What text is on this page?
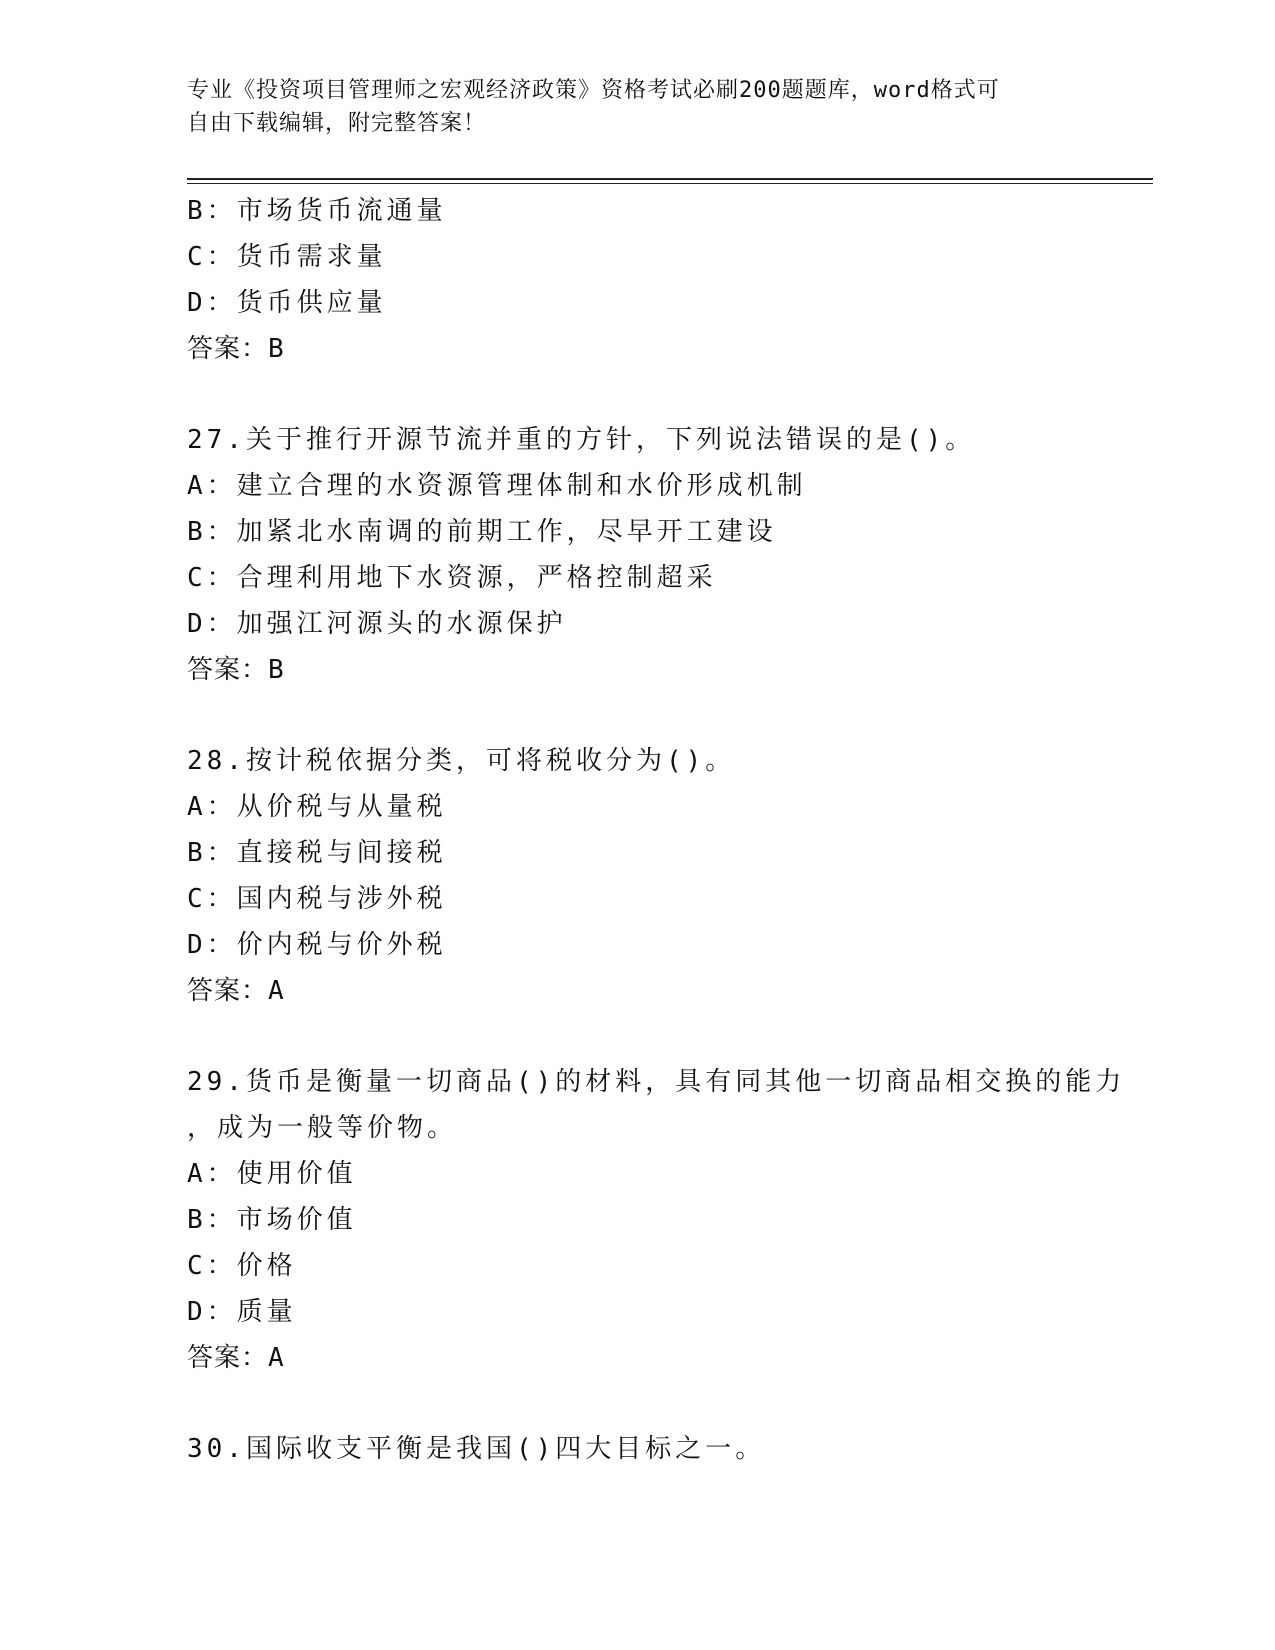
专业《投资项目管理师之宏观经济政策》资格考试必刷200题题库，word格式可
自由下载编辑，附完整答案！
B：市场货币流通量
C：货币需求量
D：货币供应量
答案：B
27.关于推行开源节流并重的方针，下列说法错误的是()。
A：建立合理的水资源管理体制和水价形成机制
B：加紧北水南调的前期工作，尽早开工建设
C：合理利用地下水资源，严格控制超采
D：加强江河源头的水源保护
答案：B
28.按计税依据分类，可将税收分为()。
A：从价税与从量税
B：直接税与间接税
C：国内税与涉外税
D：价内税与价外税
答案：A
29.货币是衡量一切商品()的材料，具有同其他一切商品相交换的能力
，成为一般等价物。
A：使用价值
B：市场价值
C：价格
D：质量
答案：A
30.国际收支平衡是我国()四大目标之一。
